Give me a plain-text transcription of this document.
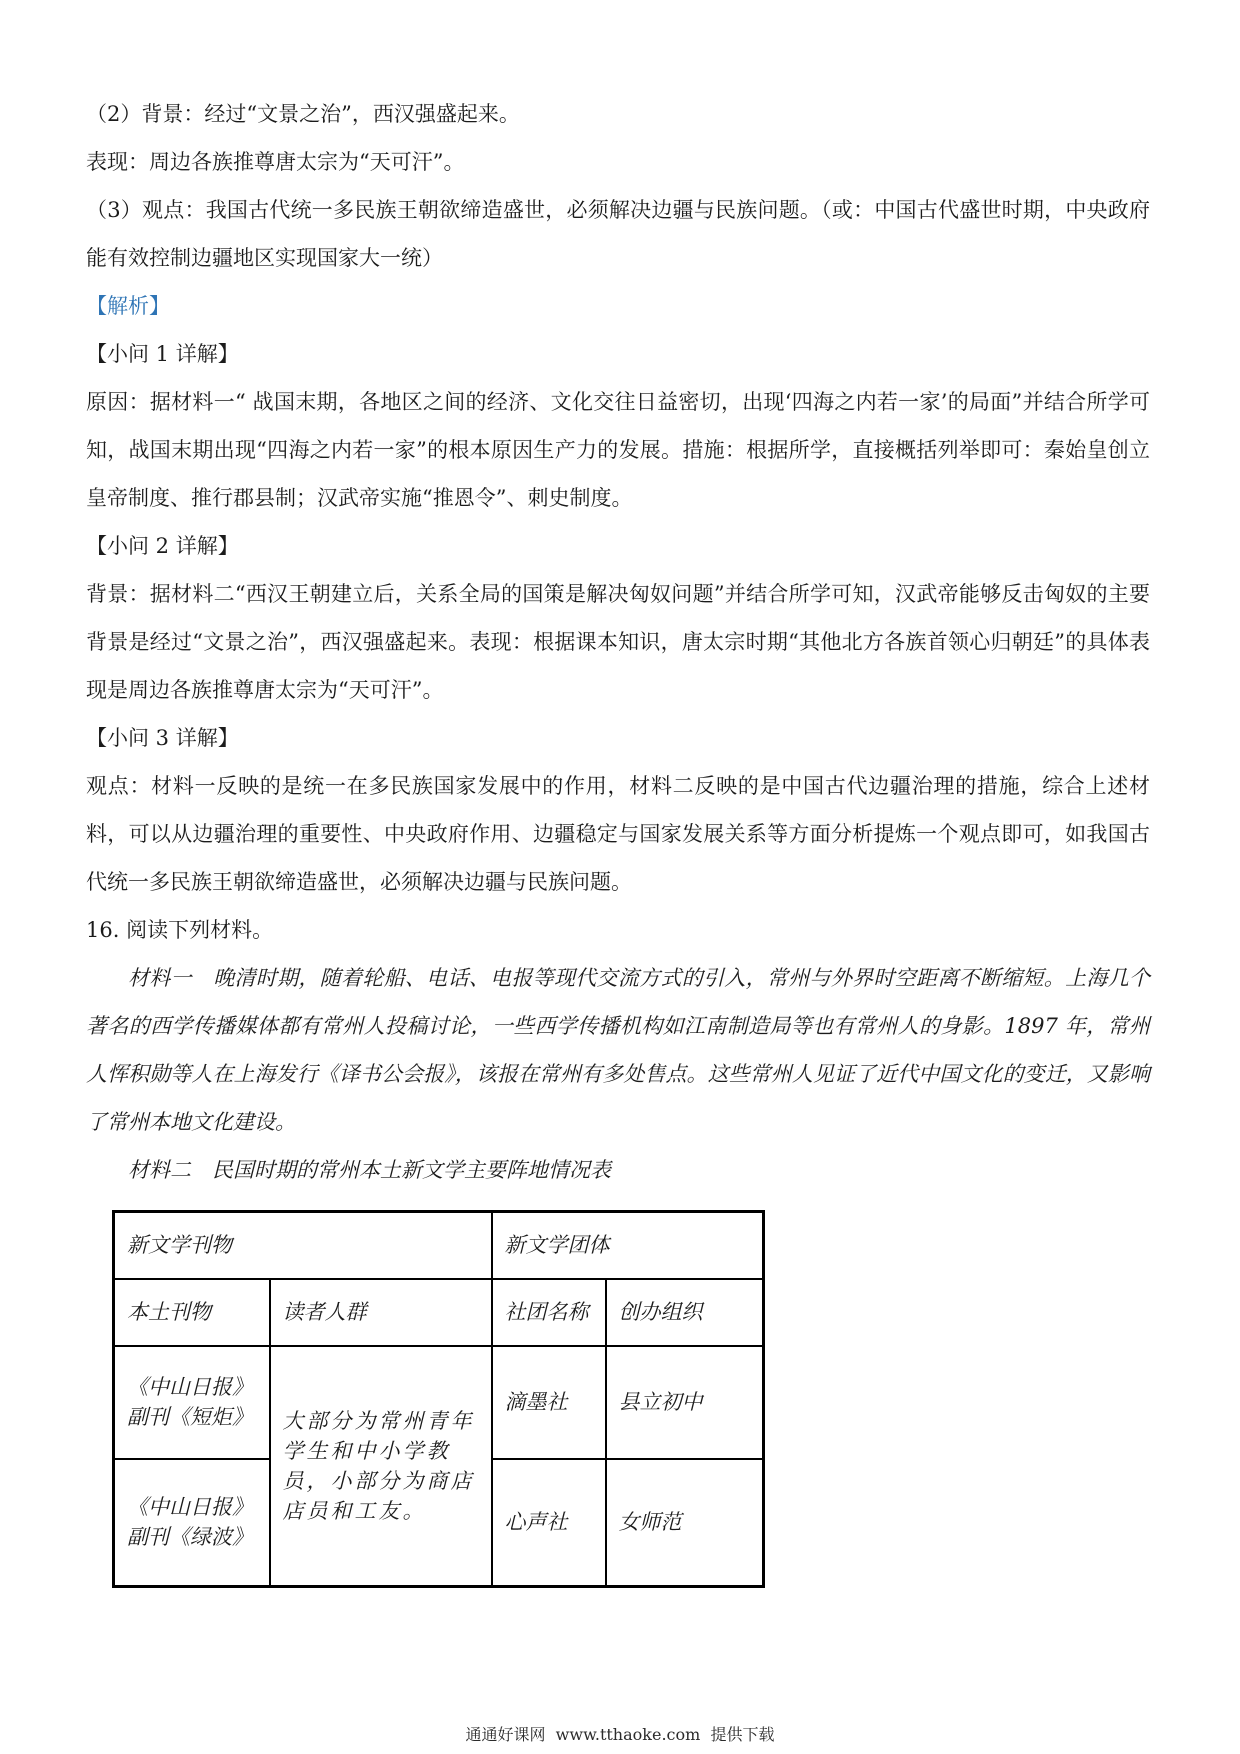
（2）背景：经过“文景之治”，西汉强盛起来。

表现：周边各族推尊唐太宗为“天可汗”。

（3）观点：我国古代统一多民族王朝欲缔造盛世，必须解决边疆与民族问题。（或：中国古代盛世时期，中央政府能有效控制边疆地区实现国家大一统）

【解析】

【小问 1 详解】

原因：据材料一“ 战国末期，各地区之间的经济、文化交往日益密切，出现‘四海之内若一家’的局面”并结合所学可知，战国末期出现“四海之内若一家”的根本原因生产力的发展。措施：根据所学，直接概括列举即可：秦始皇创立皇帝制度、推行郡县制；汉武帝实施“推恩令”、刺史制度。

【小问 2 详解】

背景：据材料二“西汉王朝建立后，关系全局的国策是解决匈奴问题”并结合所学可知，汉武帝能够反击匈奴的主要背景是经过“文景之治”，西汉强盛起来。表现：根据课本知识，唐太宗时期“其他北方各族首领心归朝廷”的具体表现是周边各族推尊唐太宗为“天可汗”。

【小问 3 详解】

观点：材料一反映的是统一在多民族国家发展中的作用，材料二反映的是中国古代边疆治理的措施，综合上述材料，可以从边疆治理的重要性、中央政府作用、边疆稳定与国家发展关系等方面分析提炼一个观点即可，如我国古代统一多民族王朝欲缔造盛世，必须解决边疆与民族问题。

16. 阅读下列材料。

材料一　晚清时期，随着轮船、电话、电报等现代交流方式的引入，常州与外界时空距离不断缩短。上海几个著名的西学传播媒体都有常州人投稿讨论，一些西学传播机构如江南制造局等也有常州人的身影。1897 年，常州人恽积勋等人在上海发行《译书公会报》，该报在常州有多处售点。这些常州人见证了近代中国文化的变迁，又影响了常州本地文化建设。

材料二　民国时期的常州本土新文学主要阵地情况表

新文学刊物		新文学团体	
本土刊物	读者人群	社团名称	创办组织
《中山日报》副刊《短炬》	大部分为常州青年学生和中小学教员，小部分为商店店员和工友。	滴墨社	县立初中
《中山日报》副刊《绿波》		心声社	女师范
通通好课网  www.tthaoke.com  提供下载
